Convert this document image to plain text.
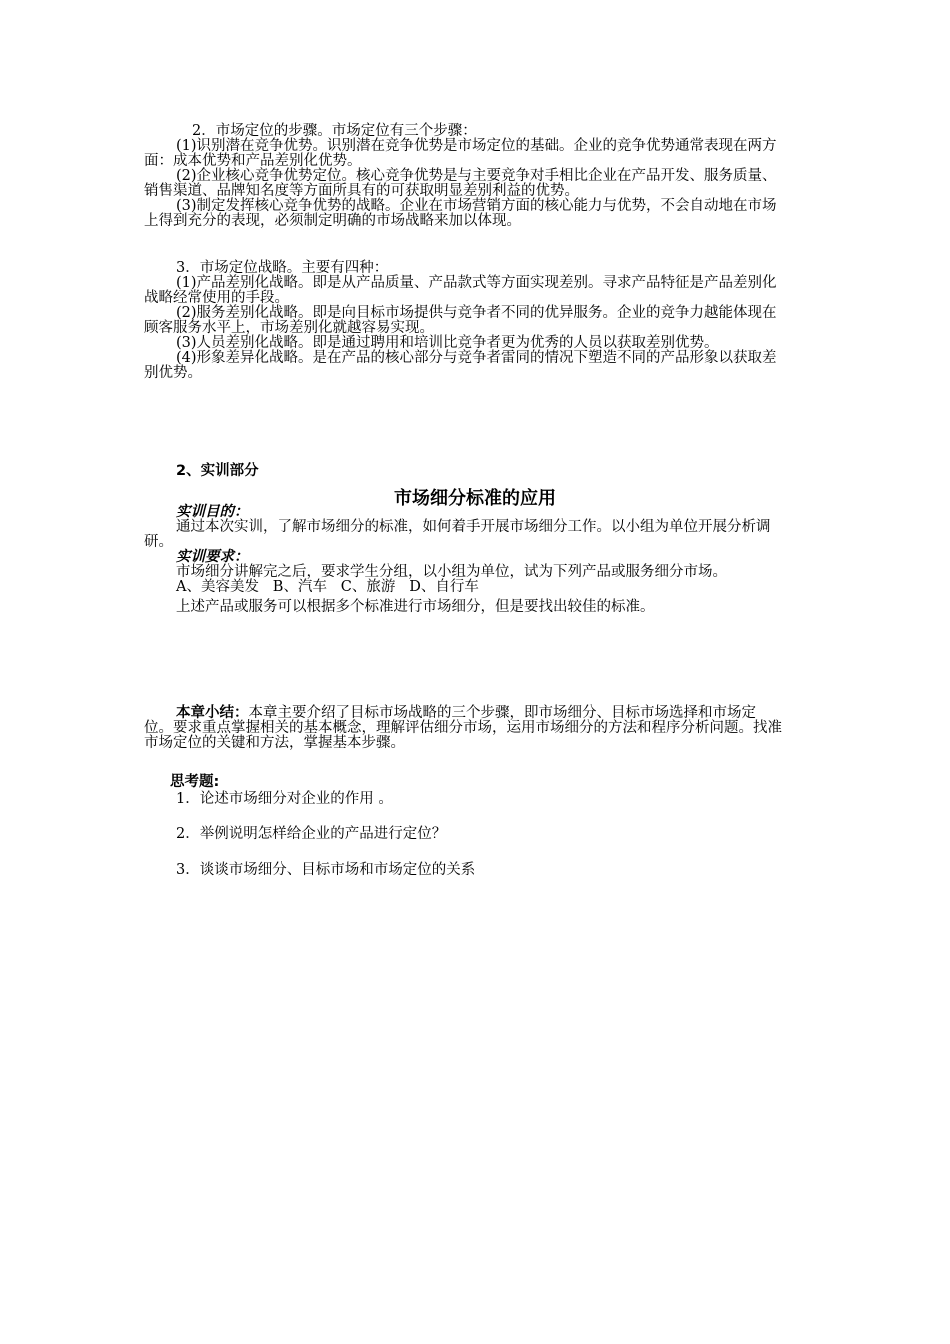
2．市场定位的步骤。市场定位有三个步骤：

(1)识别潜在竞争优势。识别潜在竞争优势是市场定位的基础。企业的竞争优势通常表现在两方面：成本优势和产品差别化优势。

(2)企业核心竞争优势定位。核心竞争优势是与主要竞争对手相比企业在产品开发、服务质量、销售渠道、品牌知名度等方面所具有的可获取明显差别利益的优势。

(3)制定发挥核心竞争优势的战略。企业在市场营销方面的核心能力与优势，不会自动地在市场上得到充分的表现，必须制定明确的市场战略来加以体现。

3．市场定位战略。主要有四种：

(1)产品差别化战略。即是从产品质量、产品款式等方面实现差别。寻求产品特征是产品差别化战略经常使用的手段。

(2)服务差别化战略。即是向目标市场提供与竞争者不同的优异服务。企业的竞争力越能体现在顾客服务水平上，市场差别化就越容易实现。

(3)人员差别化战略。即是通过聘用和培训比竞争者更为优秀的人员以获取差别优势。

(4)形象差异化战略。是在产品的核心部分与竞争者雷同的情况下塑造不同的产品形象以获取差别优势。

2、实训部分
市场细分标准的应用

实训目的：

通过本次实训，了解市场细分的标准，如何着手开展市场细分工作。以小组为单位开展分析调研。

实训要求：

市场细分讲解完之后，要求学生分组，以小组为单位，试为下列产品或服务细分市场。

A、美容美发   B、汽车   C、旅游   D、自行车

上述产品或服务可以根据多个标准进行市场细分，但是要找出较佳的标准。

本章小结：本章主要介绍了目标市场战略的三个步骤，即市场细分、目标市场选择和市场定位。要求重点掌握相关的基本概念，理解评估细分市场，运用市场细分的方法和程序分析问题。找准市场定位的关键和方法，掌握基本步骤。

思考题:
1．论述市场细分对企业的作用 。
2．举例说明怎样给企业的产品进行定位？
3．谈谈市场细分、目标市场和市场定位的关系
